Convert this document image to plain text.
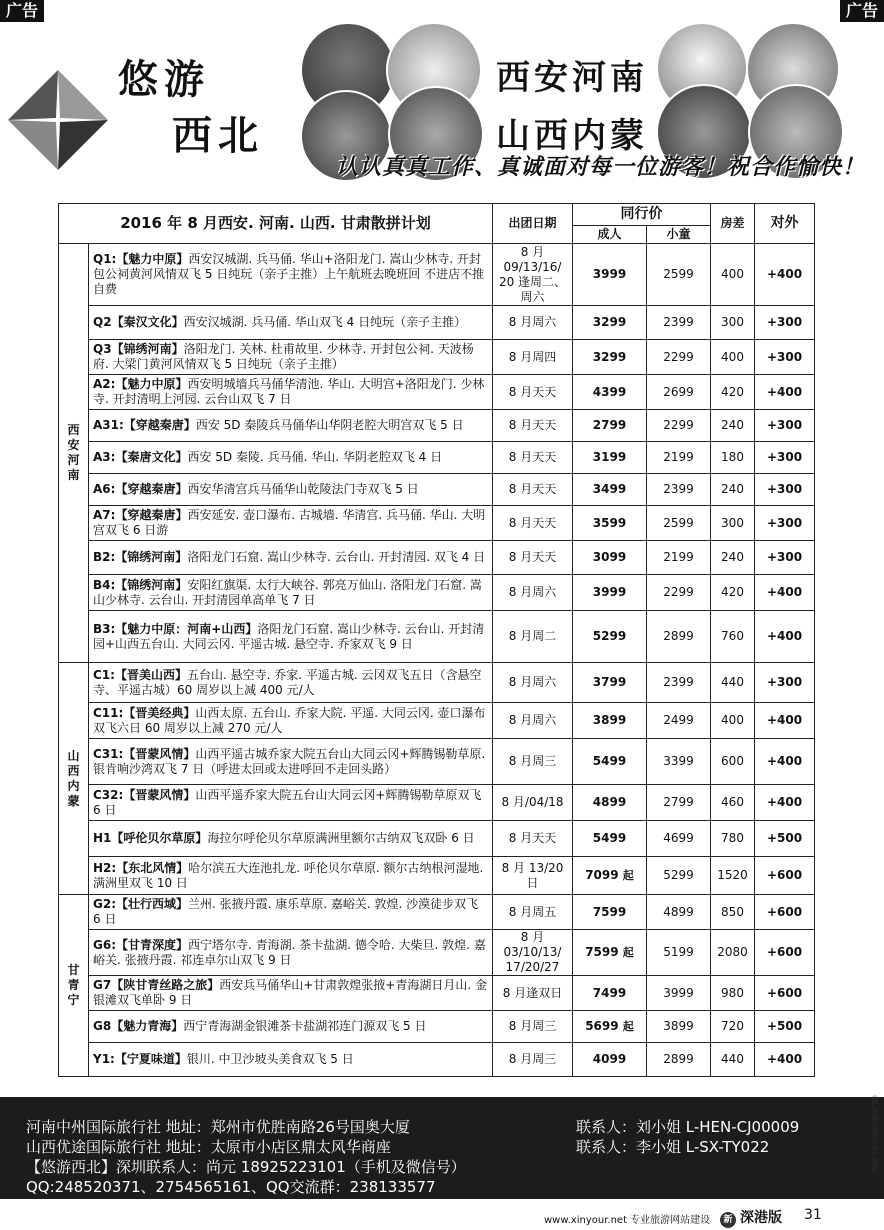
广告	广告
悠游
西北
西安河南
山西内蒙
认认真真工作、真诚面对每一位游客！祝合作愉快！
2016 年 8 月西安. 河南. 山西. 甘肃散拼计划		出团日期	同行价		房差	对外
			成人	小童		
西安 河南	Q1:【魅力中原】西安汉城湖. 兵马俑. 华山+洛阳龙门. 嵩山少林寺. 开封包公祠黄河风情双飞 5 日纯玩（亲子主推）上午航班去晚班回 不进店不推自费	8 月 09/13/16/ 20 逢周二、周六	3999	2599	400	+400
	Q2【秦汉文化】西安汉城湖. 兵马俑. 华山双飞 4 日纯玩（亲子主推）	8 月周六	3299	2399	300	+300
	Q3【锦绣河南】洛阳龙门. 关林. 杜甫故里. 少林寺. 开封包公祠. 天波杨府. 大梁门黄河风情双飞 5 日纯玩（亲子主推）	8 月周四	3299	2299	400	+300
	A2:【魅力中原】西安明城墙兵马俑华清池. 华山. 大明宫+洛阳龙门. 少林寺. 开封清明上河园. 云台山双飞 7 日	8 月天天	4399	2699	420	+400
	A31:【穿越秦唐】西安 5D 秦陵兵马俑华山华阴老腔大明宫双飞 5 日	8 月天天	2799	2299	240	+300
	A3:【秦唐文化】西安 5D 秦陵. 兵马俑. 华山. 华阴老腔双飞 4 日	8 月天天	3199	2199	180	+300
	A6:【穿越秦唐】西安华清宫兵马俑华山乾陵法门寺双飞 5 日	8 月天天	3499	2399	240	+300
	A7:【穿越秦唐】西安延安. 壶口瀑布. 古城墙. 华清宫. 兵马俑. 华山. 大明宫双飞 6 日游	8 月天天	3599	2599	300	+300
	B2:【锦绣河南】洛阳龙门石窟. 嵩山少林寺. 云台山. 开封清园. 双飞 4 日	8 月天天	3099	2199	240	+300
	B4:【锦绣河南】安阳红旗渠. 太行大峡谷. 郭亮万仙山. 洛阳龙门石窟. 嵩山少林寺. 云台山. 开封清园单高单飞 7 日	8 月周六	3999	2299	420	+400
	B3:【魅力中原：河南+山西】洛阳龙门石窟. 嵩山少林寺. 云台山. 开封清园+山西五台山. 大同云冈. 平遥古城. 悬空寺. 乔家双飞 9 日	8 月周二	5299	2899	760	+400
山西内蒙	C1:【晋美山西】五台山. 悬空寺. 乔家. 平遥古城. 云冈双飞五日（含悬空寺、平遥古城）60 周岁以上减 400 元/人	8 月周六	3799	2399	440	+300
	C11:【晋美经典】山西太原. 五台山. 乔家大院. 平遥. 大同云冈. 壶口瀑布双飞六日 60 周岁以上减 270 元/人	8 月周六	3899	2499	400	+400
	C31:【晋蒙风情】山西平遥古城乔家大院五台山大同云冈+辉腾锡勒草原. 银肯响沙湾双飞 7 日（呼进太回或太进呼回不走回头路）	8 月周三	5499	3399	600	+400
	C32:【晋蒙风情】山西平遥乔家大院五台山大同云冈+辉腾锡勒草原双飞 6 日	8 月/04/18	4899	2799	460	+400
	H1【呼伦贝尔草原】海拉尔呼伦贝尔草原满洲里额尔古纳双飞双卧 6 日	8 月天天	5499	4699	780	+500
	H2:【东北风情】哈尔滨五大连池扎龙. 呼伦贝尔草原. 额尔古纳根河湿地. 满洲里双飞 10 日	8 月 13/20 日	7099 起	5299	1520	+600
甘青宁	G2:【壮行西域】兰州. 张掖丹霞. 康乐草原. 嘉峪关. 敦煌. 沙漠徒步双飞 6 日	8 月周五	7599	4899	850	+600
	G6:【甘青深度】西宁塔尔寺. 青海湖. 茶卡盐湖. 德令哈. 大柴旦. 敦煌. 嘉峪关. 张掖丹霞. 祁连卓尔山双飞 9 日	8 月 03/10/13/ 17/20/27	7599 起	5199	2080	+600
	G7【陕甘青丝路之旅】西安兵马俑华山+甘肃敦煌张掖+青海湖日月山. 金银滩双飞单卧 9 日	8 月逢双日	7499	3999	980	+600
	G8【魅力青海】西宁青海湖金银滩茶卡盐湖祁连门源双飞 5 日	8 月周三	5699 起	3899	720	+500
	Y1:【宁夏味道】银川. 中卫沙坡头美食双飞 5 日	8 月周三	4099	2899	440	+400
河南中州国际旅行社 地址：郑州市优胜南路26号国奥大厦	联系人：刘小姐 L-HEN-CJ00009
山西优途国际旅行社 地址：太原市小店区鼎太风华商座	联系人：李小姐 L-SX-TY022
【悠游西北】深圳联系人：尚元 18925223101（手机及微信号）
QQ:248520371、2754565161、QQ交流群：238133577
www.xinyour.net 专业旅游网站建设	新 深港版 31
此广告图文均由客户提供
